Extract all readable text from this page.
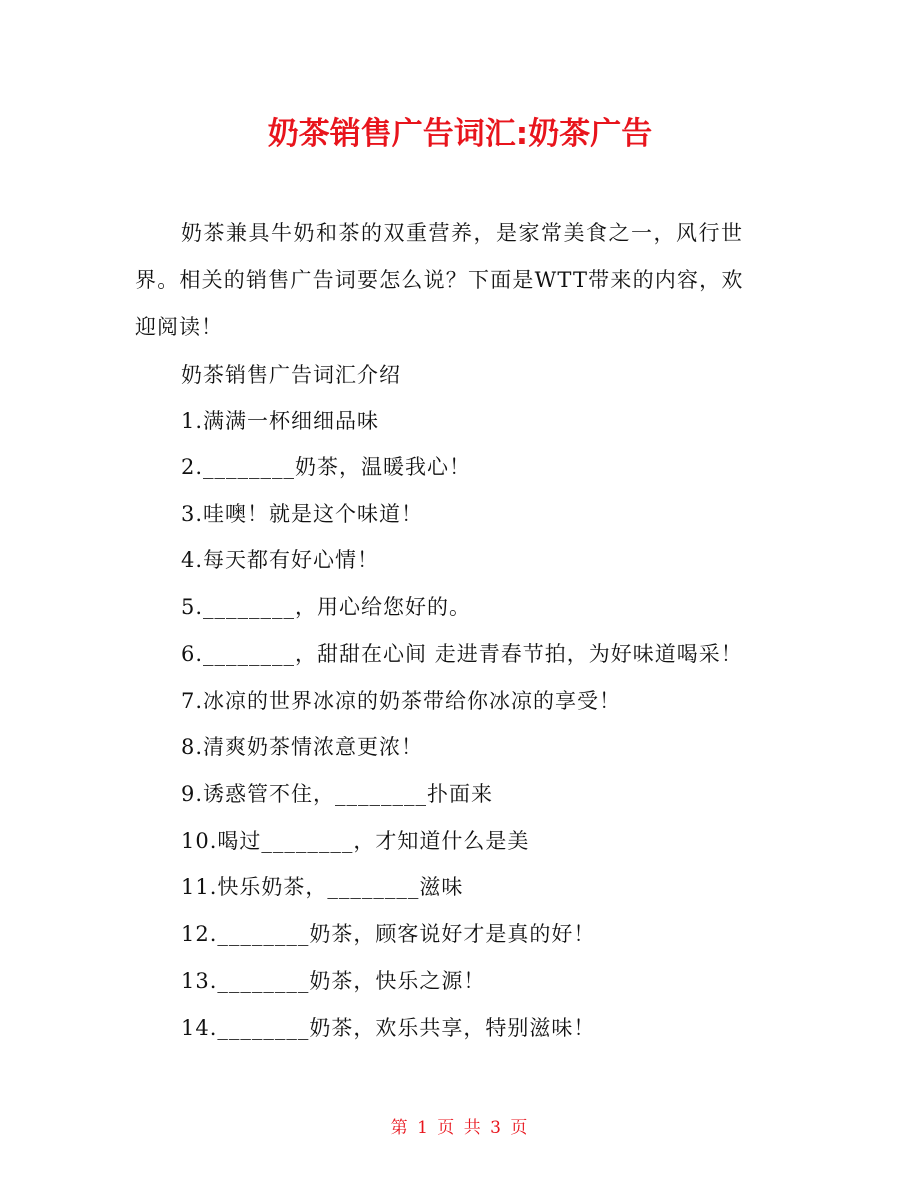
奶茶销售广告词汇:奶茶广告
奶茶兼具牛奶和茶的双重营养，是家常美食之一，风行世
界。相关的销售广告词要怎么说？下面是WTT带来的内容，欢
迎阅读！
奶茶销售广告词汇介绍
1.满满一杯细细品味
2.________奶茶，温暖我心！
3.哇噢！就是这个味道！
4.每天都有好心情！
5.________，用心给您好的。
6.________，甜甜在心间 走进青春节拍，为好味道喝采！
7.冰凉的世界冰凉的奶茶带给你冰凉的享受！
8.清爽奶茶情浓意更浓！
9.诱惑管不住，________扑面来
10.喝过________，才知道什么是美
11.快乐奶茶，________滋味
12.________奶茶，顾客说好才是真的好！
13.________奶茶，快乐之源！
14.________奶茶，欢乐共享，特别滋味！
第 1 页 共 3 页
